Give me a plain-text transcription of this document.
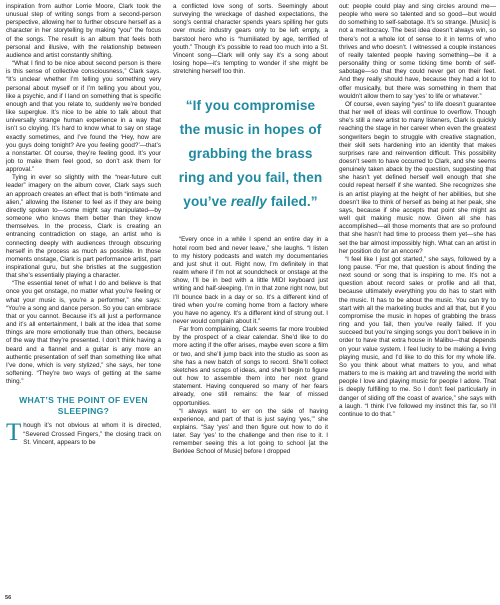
inspiration from author Lorrie Moore, Clark took the unusual step of writing songs from a second-person perspective, allowing her to further obscure herself as a character in her storytelling by making “you” the focus of the songs. The result is an album that feels both personal and illusive, with the relationship between audience and artist constantly shifting.

“What I find to be nice about second person is there is this sense of collective consciousness,” Clark says. “It’s unclear whether I’m telling you something very personal about myself or if I’m telling you about you, like a psychic, and if I land on something that is specific enough and that you relate to, suddenly we’re bonded like superglue. It’s nice to be able to talk about that universally strange human experience in a way that isn’t so cloying. It’s hard to know what to say on stage exactly sometimes, and I’ve found the ‘Hey, how are you guys doing tonight? Are you feeling good?’—that’s a nonstarter. Of course, they’re feeling good. It’s your job to make them feel good, so don’t ask them for approval.”

Tying in ever so slightly with the “near-future cult leader” imagery on the album cover, Clark says such an approach creates an effect that is both “intimate and alien,” allowing the listener to feel as if they are being directly spoken to—some might say manipulated—by someone who knows them better than they know themselves. In the process, Clark is creating an entrancing contradiction on stage, an artist who is connecting deeply with audiences through obscuring herself in the process as much as possible. In those moments onstage, Clark is part performance artist, part inspirational guru, but she bristles at the suggestion that she’s essentially playing a character.

“The essential tenet of what I do and believe is that once you get onstage, no matter what you’re feeling or what your music is, you’re a performer,” she says: “You’re a song and dance person. So you can embrace that or you cannot. Because it’s all just a performance and it’s all entertainment, I balk at the idea that some things are more emotionally true than others, because of the way that they’re presented. I don’t think having a beard and a flannel and a guitar is any more an authentic presentation of self than something like what I’ve done, which is very stylized,” she says, her tone softening. “They’re two ways of getting at the same thing.”

WHAT’S THE POINT OF EVEN SLEEPING?

Though it’s not obvious at whom it is directed, “Severed Crossed Fingers,” the closing track on St. Vincent, appears to be

a conflicted love song of sorts. Seemingly about surveying the wreckage of dashed expectations, the song’s central character spends years spilling her guts over music industry gears only to be left empty, a barstool hero who is “humiliated by age, terrified of youth.” Though it’s possible to read too much into a St. Vincent song—Clark will only say it’s a song about losing hope—it’s tempting to wonder if she might be stretching herself too thin.

“If you compromise the music in hopes of grabbing the brass ring and you fail, then you’ve really failed.”

“Every once in a while I spend an entire day in a hotel room bed and never leave,” she laughs. “I listen to my history podcasts and watch my documentaries and just shut it out. Right now, I’m definitely in that realm where if I’m not at soundcheck or onstage at the show, I’ll be in bed with a little MIDI keyboard just writing and half-sleeping. I’m in that zone right now, but I’ll bounce back in a day or so. It’s a different kind of tired when you’re coming home from a factory where you have no agency. It’s a different kind of strung out. I never would complain about it.”

Far from complaining, Clark seems far more troubled by the prospect of a clear calendar. She’d like to do more acting if the offer arises, maybe even score a film or two, and she’ll jump back into the studio as soon as she has a new batch of songs to record. She’ll collect sketches and scraps of ideas, and she’ll begin to figure out how to assemble them into her next grand statement. Having conquered so many of her fears already, one still remains: the fear of missed opportunities.

“I always want to err on the side of having experience, and part of that is just saying ‘yes,’” she explains. “Say ‘yes’ and then figure out how to do it later. Say ‘yes’ to the challenge and then rise to it. I remember seeing this a lot going to school [at the Berklee School of Music] before I dropped

out: people could play and sing circles around me—people who were so talented and so good—but would do something to self-sabotage. It’s so strange. [Music] is not a meritocracy. The best idea doesn’t always win, so there’s not a whole lot of sense to it in terms of who thrives and who doesn’t. I witnessed a couple instances of really talented people having something—be it a personality thing or some ticking time bomb of self-sabotage—so that they could never get on their feet. And they really should have, because they had a lot to offer musically, but there was something in them that wouldn’t allow them to say ‘yes’ to life or whatever.”

Of course, even saying “yes” to life doesn’t guarantee that her well of ideas will continue to overflow. Though she’s still a new artist to many listeners, Clark is quickly reaching the stage in her career when even the greatest songwriters begin to struggle with creative stagnation, their skill sets hardening into an identity that makes surprises rare and reinvention difficult. This possibility doesn’t seem to have occurred to Clark, and she seems genuinely taken aback by the question, suggesting that she hasn’t yet defined herself well enough that she could repeat herself if she wanted. She recognizes she is an artist playing at the height of her abilities, but she doesn’t like to think of herself as being at her peak, she says, because if she accepts that point she might as well quit making music now. Given all she has accomplished—all those moments that are so profound that she hasn’t had time to process them yet—she has set the bar almost impossibly high. What can an artist in her position do for an encore?

“I feel like I just got started,” she says, followed by a long pause. “For me, that question is about finding the next sound or song that is inspiring to me. It’s not a question about record sales or profile and all that, because ultimately everything you do has to start with the music. It has to be about the music. You can try to start with all the marketing bucks and all that, but if you compromise the music in hopes of grabbing the brass ring and you fail, then you’ve really failed. If you succeed but you’re singing songs you don’t believe in in order to have that extra house in Malibu—that depends on your value system. I feel lucky to be making a living playing music, and I’d like to do this for my whole life. So you think about what matters to you, and what matters to me is making art and traveling the world with people I love and playing music for people I adore. That is deeply fulfilling to me. So I don’t feel particularly in danger of sliding off the coast of avarice,” she says with a laugh. “I think I’ve followed my instinct this far, so I’ll continue to do that.”

56
